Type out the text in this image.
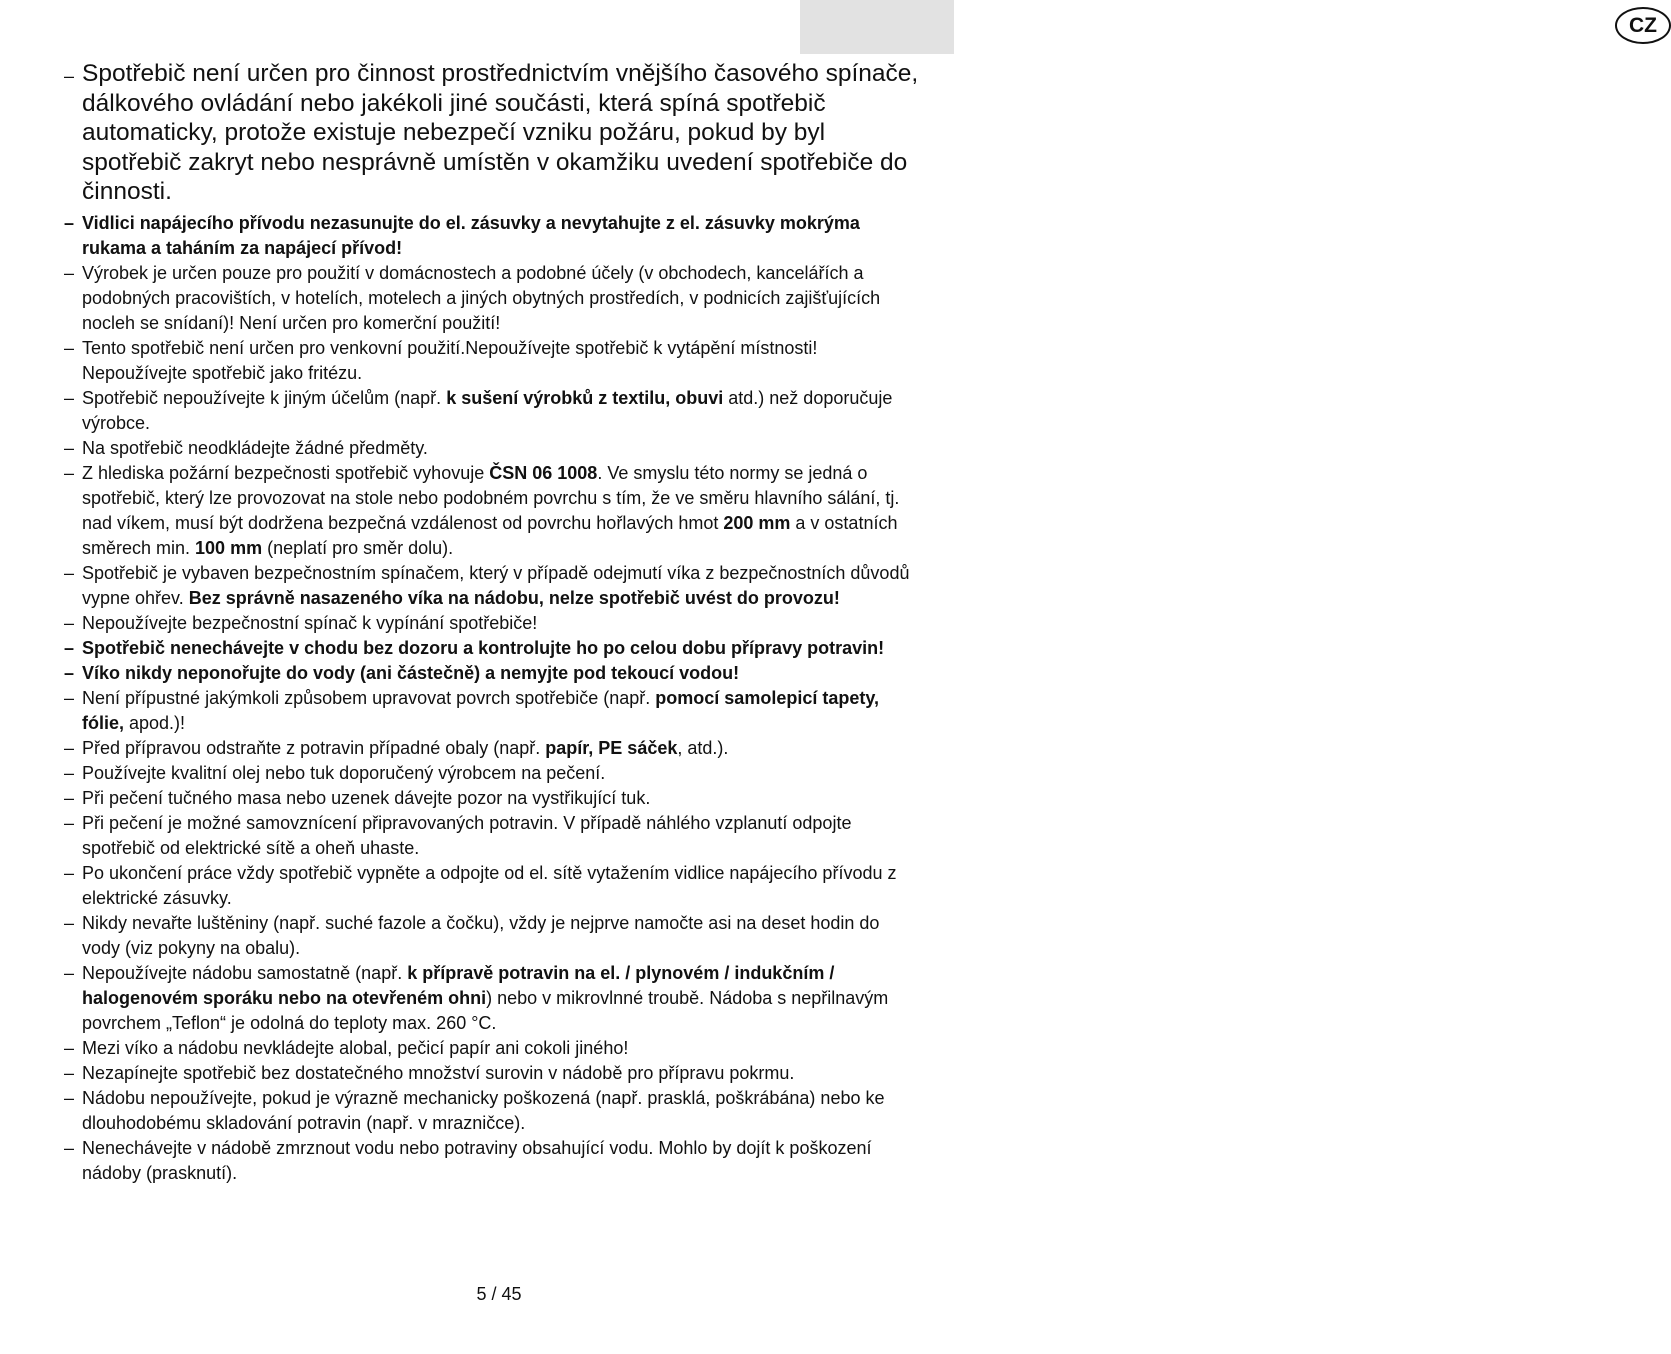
CZ
– Spotřebič není určen pro činnost prostřednictvím vnějšího časového spínače, dálkového ovládání nebo jakékoli jiné součásti, která spíná spotřebič automaticky, protože existuje nebezpečí vzniku požáru, pokud by byl spotřebič zakryt nebo nesprávně umístěn v okamžiku uvedení spotřebiče do činnosti.
– Vidlici napájecího přívodu nezasunujte do el. zásuvky a nevytahujte z el. zásuvky mokrýma rukama a taháním za napájecí přívod!
– Výrobek je určen pouze pro použití v domácnostech a podobné účely (v obchodech, kancelářích a podobných pracovištích, v hotelích, motelech a jiných obytných prostředích, v podnicích zajišťujících nocleh se snídaní)! Není určen pro komerční použití!
– Tento spotřebič není určen pro venkovní použití.Nepoužívejte spotřebič k vytápění místnosti! Nepoužívejte spotřebič jako fritézu.
– Spotřebič nepoužívejte k jiným účelům (např. k sušení výrobků z textilu, obuvi atd.) než doporučuje výrobce.
– Na spotřebič neodkládejte žádné předměty.
– Z hlediska požární bezpečnosti spotřebič vyhovuje ČSN 06 1008. Ve smyslu této normy se jedná o spotřebič, který lze provozovat na stole nebo podobném povrchu s tím, že ve směru hlavního sálání, tj. nad víkem, musí být dodržena bezpečná vzdálenost od povrchu hořlavých hmot 200 mm a v ostatních směrech min. 100 mm (neplatí pro směr dolu).
– Spotřebič je vybaven bezpečnostním spínačem, který v případě odejmutí víka z bezpečnostních důvodů vypne ohřev. Bez správně nasazeného víka na nádobu, nelze spotřebič uvést do provozu!
– Nepoužívejte bezpečnostní spínač k vypínání spotřebiče!
– Spotřebič nenechávejte v chodu bez dozoru a kontrolujte ho po celou dobu přípravy potravin!
– Víko nikdy neponořujte do vody (ani částečně) a nemyjte pod tekoucí vodou!
– Není přípustné jakýmkoli způsobem upravovat povrch spotřebiče (např. pomocí samolepicí tapety, fólie, apod.)!
– Před přípravou odstraňte z potravin případné obaly (např. papír, PE sáček, atd.).
– Používejte kvalitní olej nebo tuk doporučený výrobcem na pečení.
– Při pečení tučného masa nebo uzenek dávejte pozor na vystřikující tuk.
– Při pečení je možné samovznícení připravovaných potravin. V případě náhlého vzplanutí odpojte spotřebič od elektrické sítě a oheň uhaste.
– Po ukončení práce vždy spotřebič vypněte a odpojte od el. sítě vytažením vidlice napájecího přívodu z elektrické zásuvky.
– Nikdy nevařte luštěniny (např. suché fazole a čočku), vždy je nejprve namočte asi na deset hodin do vody (viz pokyny na obalu).
– Nepoužívejte nádobu samostatně (např. k přípravě potravin na el. / plynovém / indukčním / halogenovém sporáku nebo na otevřeném ohni) nebo v mikrovlnné troubě. Nádoba s nepřilnavým povrchem „Teflon“ je odolná do teploty max. 260 °C.
– Mezi víko a nádobu nevkládejte alobal, pečicí papír ani cokoli jiného!
– Nezapínejte spotřebič bez dostatečného množství surovin v nádobě pro přípravu pokrmu.
– Nádobu nepoužívejte, pokud je výrazně mechanicky poškozená (např. prasklá, poškrábána) nebo ke dlouhodobému skladování potravin (např. v mrazničce).
– Nenechávejte v nádobě zmrznout vodu nebo potraviny obsahující vodu. Mohlo by dojít k poškození nádoby (prasknutí).
5 / 45
